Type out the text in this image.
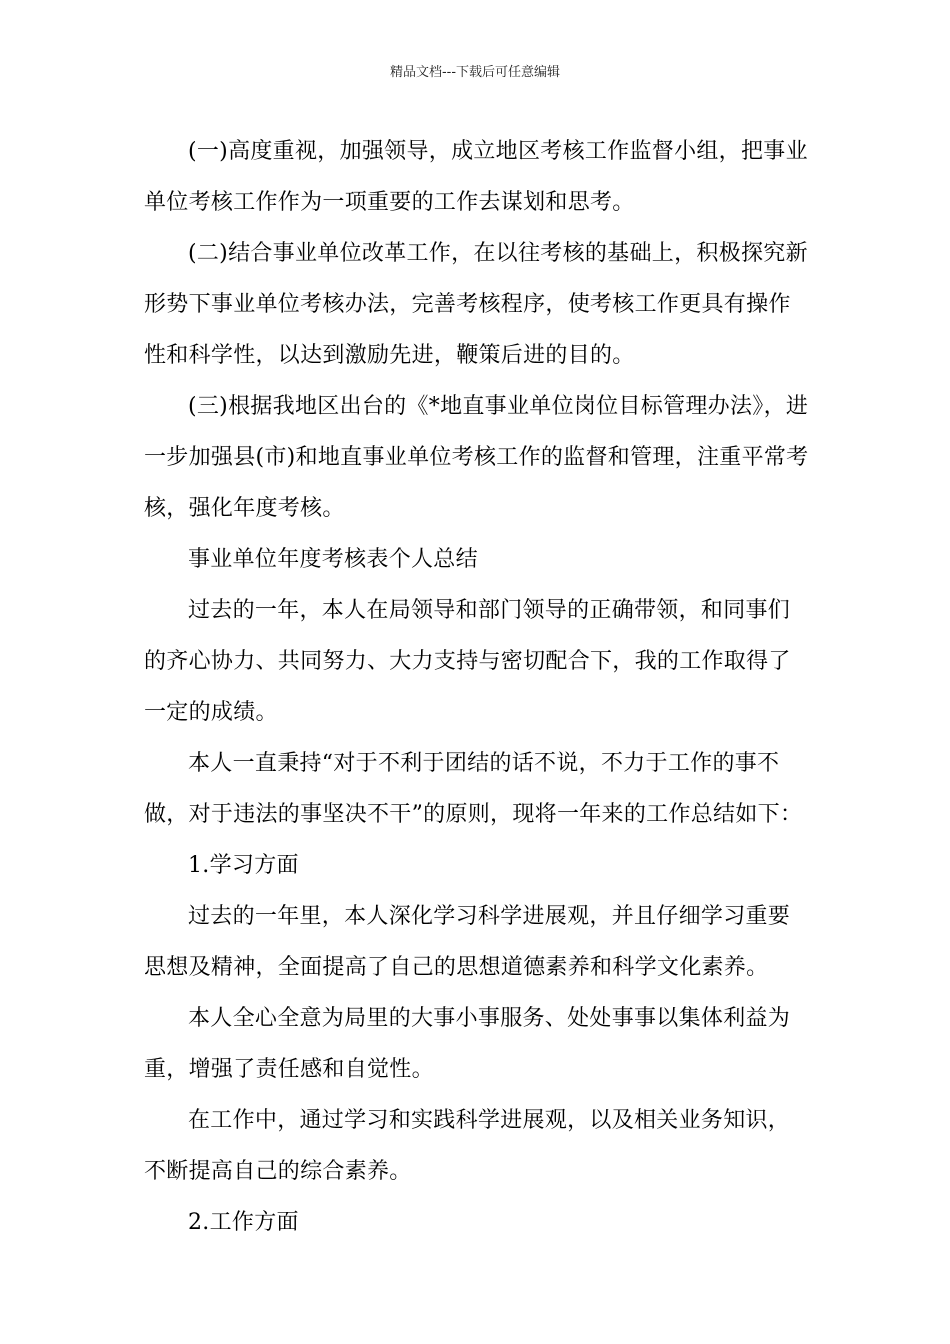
精品文档---下载后可任意编辑

(一)高度重视，加强领导，成立地区考核工作监督小组，把事业单位考核工作作为一项重要的工作去谋划和思考。

(二)结合事业单位改革工作，在以往考核的基础上，积极探究新形势下事业单位考核办法，完善考核程序，使考核工作更具有操作性和科学性，以达到激励先进，鞭策后进的目的。

(三)根据我地区出台的《*地直事业单位岗位目标管理办法》，进一步加强县(市)和地直事业单位考核工作的监督和管理，注重平常考核，强化年度考核。

事业单位年度考核表个人总结

过去的一年，本人在局领导和部门领导的正确带领，和同事们的齐心协力、共同努力、大力支持与密切配合下，我的工作取得了一定的成绩。

本人一直秉持“对于不利于团结的话不说，不力于工作的事不做，对于违法的事坚决不干”的原则，现将一年来的工作总结如下：

1.学习方面

过去的一年里，本人深化学习科学进展观，并且仔细学习重要思想及精神，全面提高了自己的思想道德素养和科学文化素养。

本人全心全意为局里的大事小事服务、处处事事以集体利益为重，增强了责任感和自觉性。

在工作中，通过学习和实践科学进展观，以及相关业务知识，不断提高自己的综合素养。

2.工作方面
